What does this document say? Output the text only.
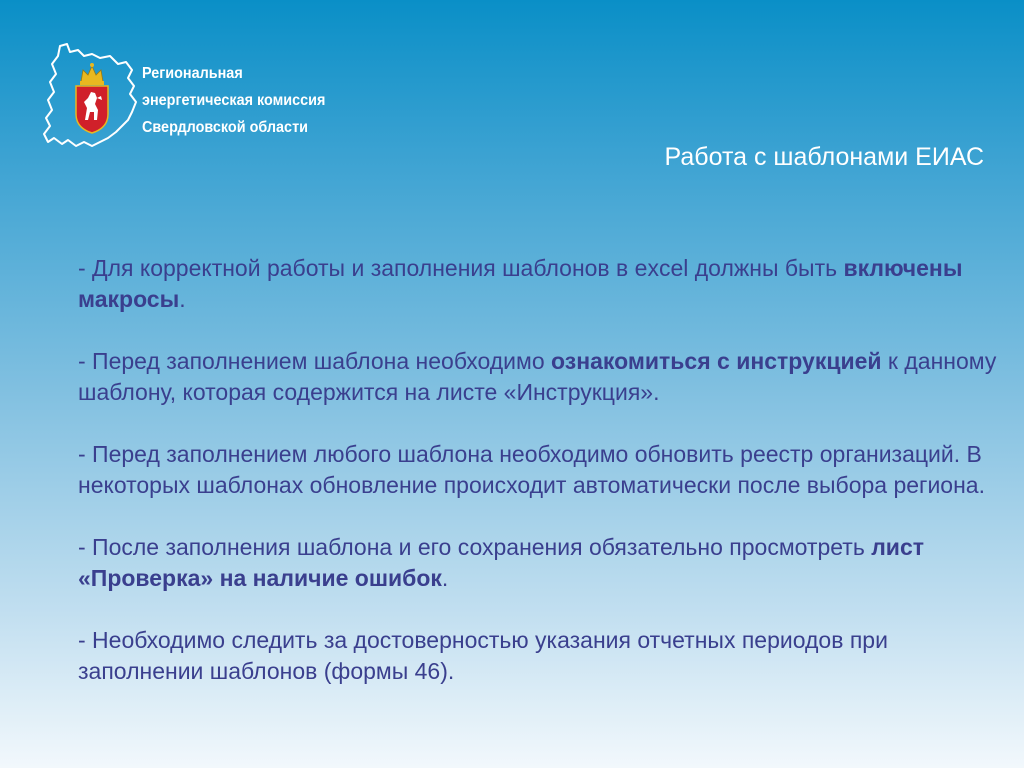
Региональная
энергетическая комиссия
Свердловской области
Работа с шаблонами ЕИАС

- Для корректной работы и заполнения шаблонов в excel должны быть включены макросы.

- Перед заполнением шаблона необходимо ознакомиться с инструкцией к данному шаблону, которая содержится на листе «Инструкция».

- Перед заполнением любого шаблона необходимо обновить реестр организаций. В некоторых шаблонах обновление происходит автоматически после выбора региона.

- После заполнения шаблона и его сохранения обязательно просмотреть лист «Проверка» на наличие ошибок.

- Необходимо следить за достоверностью указания отчетных периодов при заполнении шаблонов (формы 46).
